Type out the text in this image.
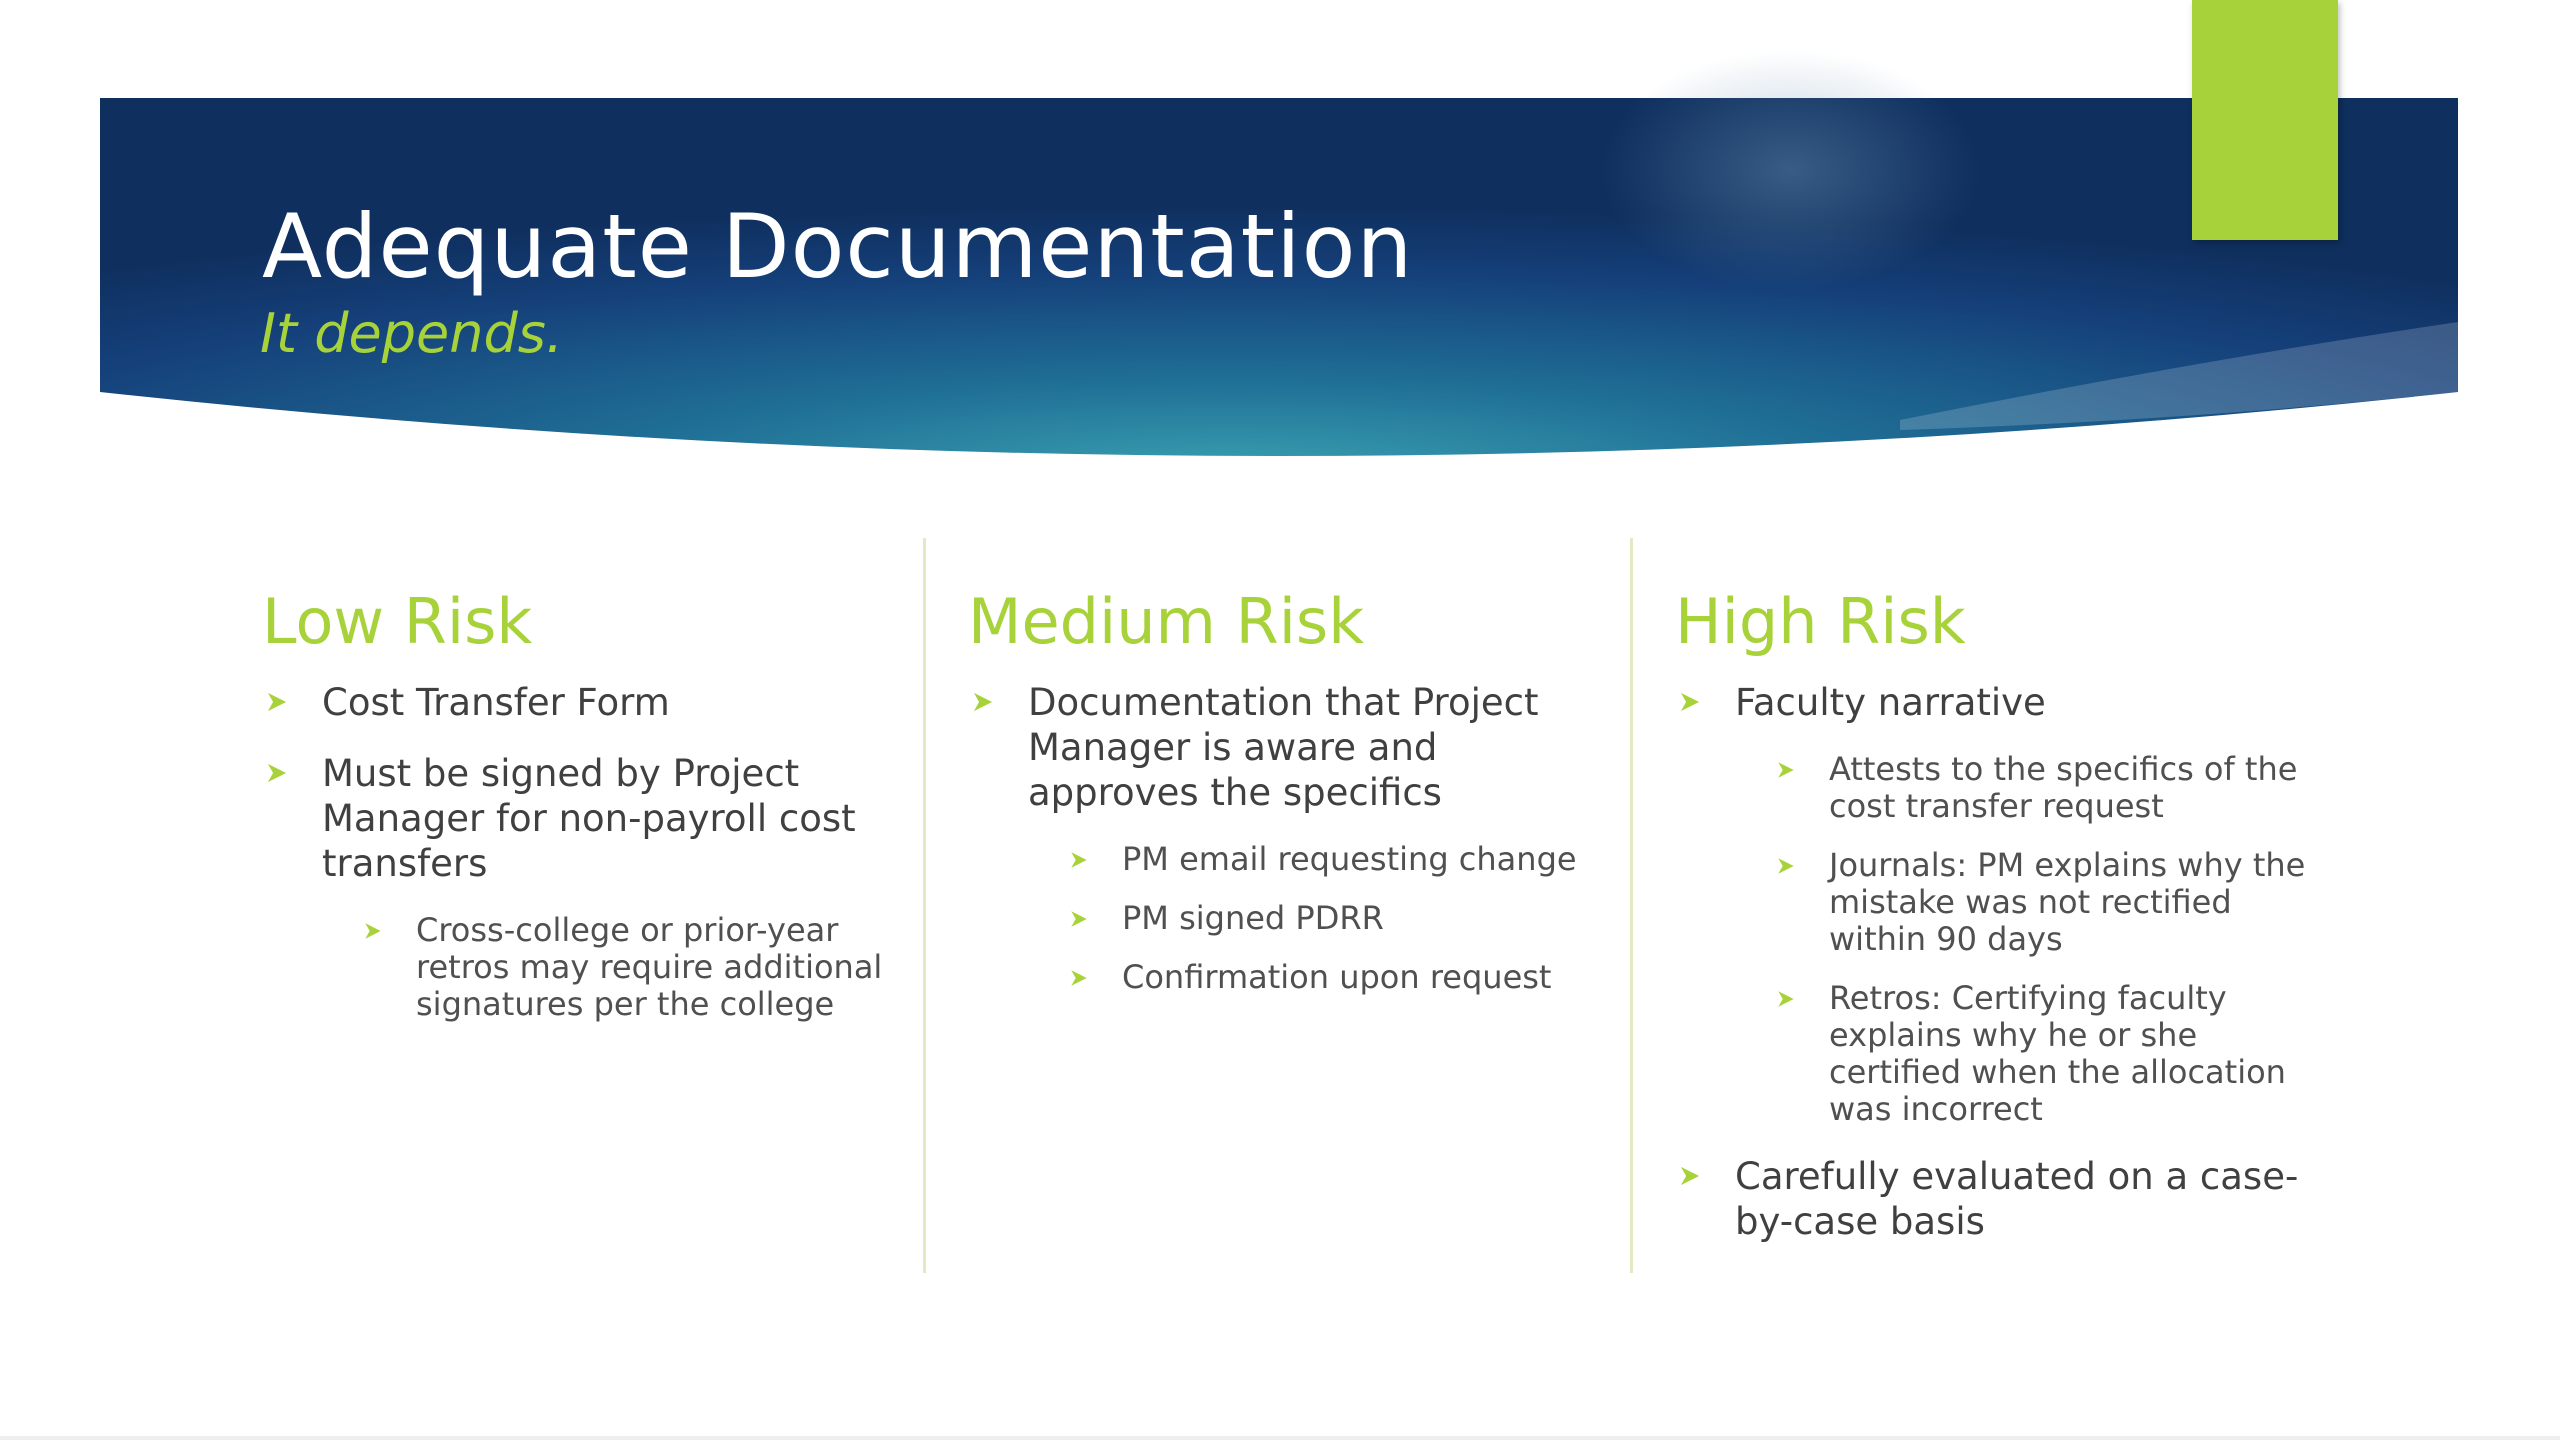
Adequate Documentation

It depends.

Low Risk
Cost Transfer Form
Must be signed by Project Manager for non-payroll cost transfers
Cross-college or prior-year retros may require additional signatures per the college
Medium Risk
Documentation that Project Manager is aware and approves the specifics
PM email requesting change
PM signed PDRR
Confirmation upon request
High Risk
Faculty narrative
Attests to the specifics of the cost transfer request
Journals: PM explains why the mistake was not rectified within 90 days
Retros: Certifying faculty explains why he or she certified when the allocation was incorrect
Carefully evaluated on a case-by-case basis
